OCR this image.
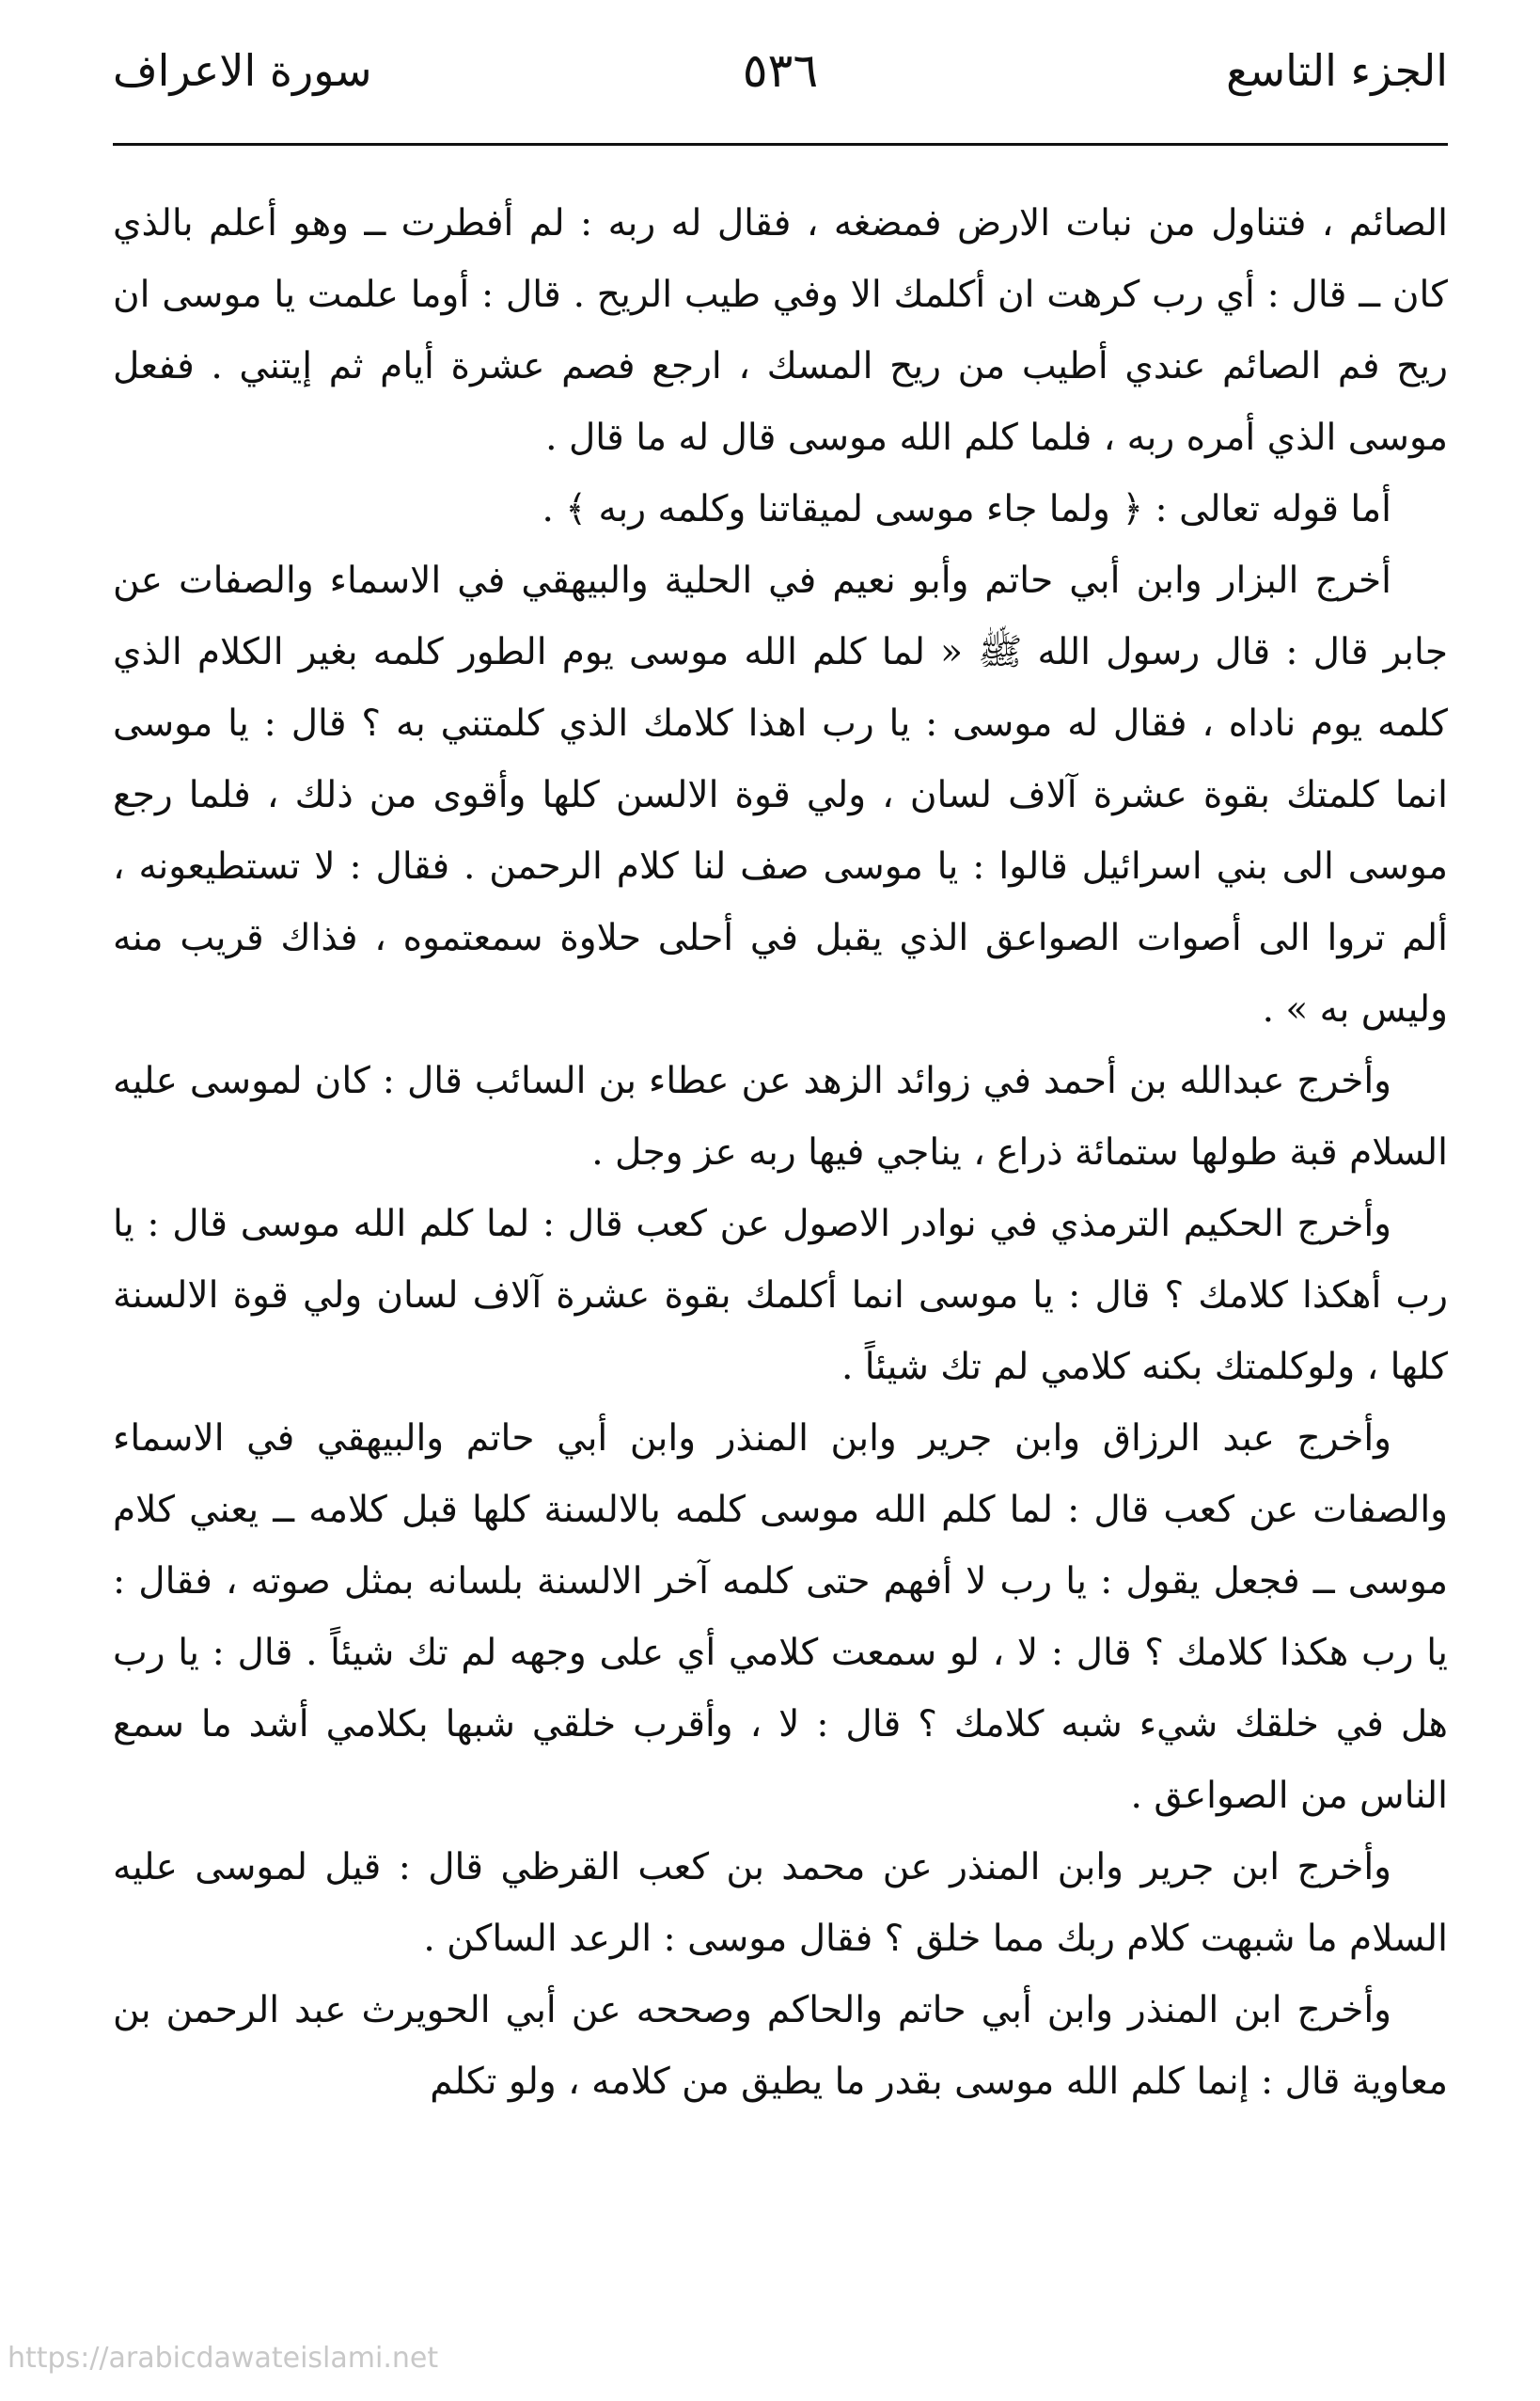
الجزء التاسع
٥٣٦
سورة الاعراف

الصائم ، فتناول من نبات الارض فمضغه ، فقال له ربه : لم أفطرت ــ وهو أعلم بالذي كان ــ قال : أي رب كرهت ان أكلمك الا وفي طيب الريح . قال : أوما علمت يا موسى ان ريح فم الصائم عندي أطيب من ريح المسك ، ارجع فصم عشرة أيام ثم إيتني . ففعل موسى الذي أمره ربه ، فلما كلم الله موسى قال له ما قال .

أما قوله تعالى : ﴿ ولما جاء موسى لميقاتنا وكلمه ربه ﴾ .

أخرج البزار وابن أبي حاتم وأبو نعيم في الحلية والبيهقي في الاسماء والصفات عن جابر قال : قال رسول الله ﷺ « لما كلم الله موسى يوم الطور كلمه بغير الكلام الذي كلمه يوم ناداه ، فقال له موسى : يا رب اهذا كلامك الذي كلمتني به ؟ قال : يا موسى انما كلمتك بقوة عشرة آلاف لسان ، ولي قوة الالسن كلها وأقوى من ذلك ، فلما رجع موسى الى بني اسرائيل قالوا : يا موسى صف لنا كلام الرحمن . فقال : لا تستطيعونه ، ألم تروا الى أصوات الصواعق الذي يقبل في أحلى حلاوة سمعتموه ، فذاك قريب منه وليس به » .

وأخرج عبدالله بن أحمد في زوائد الزهد عن عطاء بن السائب قال : كان لموسى عليه السلام قبة طولها ستمائة ذراع ، يناجي فيها ربه عز وجل .

وأخرج الحكيم الترمذي في نوادر الاصول عن كعب قال : لما كلم الله موسى قال : يا رب أهكذا كلامك ؟ قال : يا موسى انما أكلمك بقوة عشرة آلاف لسان ولي قوة الالسنة كلها ، ولوكلمتك بكنه كلامي لم تك شيئاً .

وأخرج عبد الرزاق وابن جرير وابن المنذر وابن أبي حاتم والبيهقي في الاسماء والصفات عن كعب قال : لما كلم الله موسى كلمه بالالسنة كلها قبل كلامه ــ يعني كلام موسى ــ فجعل يقول : يا رب لا أفهم حتى كلمه آخر الالسنة بلسانه بمثل صوته ، فقال : يا رب هكذا كلامك ؟ قال : لا ، لو سمعت كلامي أي على وجهه لم تك شيئاً . قال : يا رب هل في خلقك شيء شبه كلامك ؟ قال : لا ، وأقرب خلقي شبها بكلامي أشد ما سمع الناس من الصواعق .

وأخرج ابن جرير وابن المنذر عن محمد بن كعب القرظي قال : قيل لموسى عليه السلام ما شبهت كلام ربك مما خلق ؟ فقال موسى : الرعد الساكن .

وأخرج ابن المنذر وابن أبي حاتم والحاكم وصححه عن أبي الحويرث عبد الرحمن بن معاوية قال : إنما كلم الله موسى بقدر ما يطيق من كلامه ، ولو تكلم

https://arabicdawateislami.net
